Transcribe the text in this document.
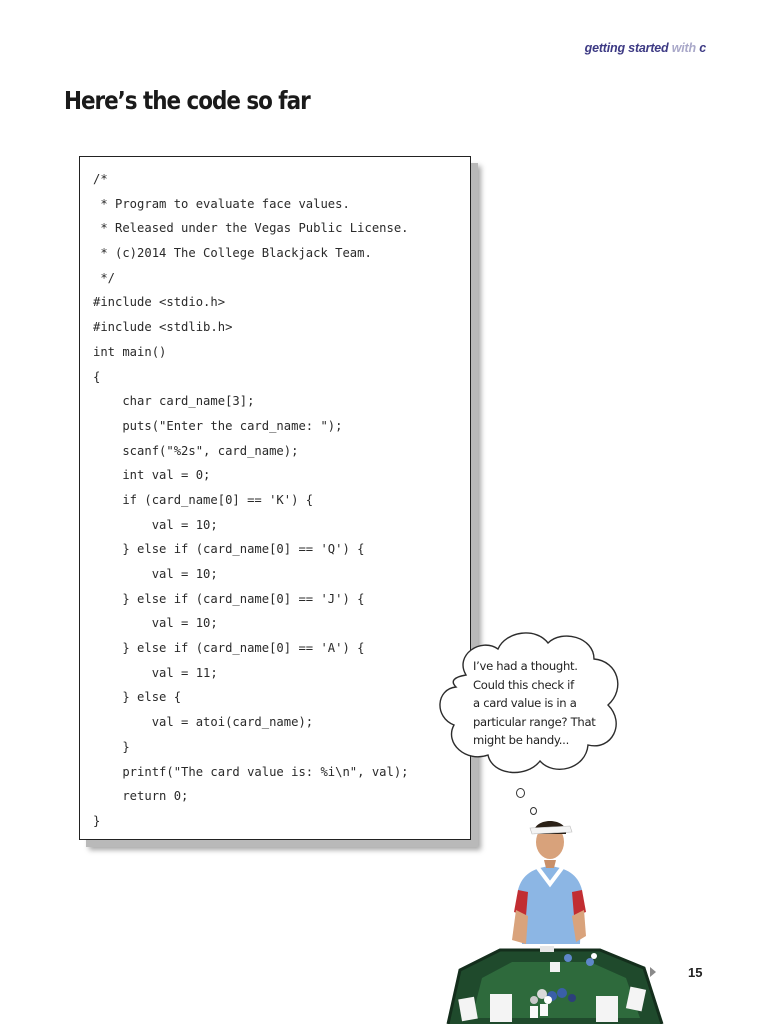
getting started with c
Here’s the code so far
/*
* Program to evaluate face values.
* Released under the Vegas Public License.
* (c)2014 The College Blackjack Team.
*/
#include <stdio.h>
#include <stdlib.h>
int main()
{
char card_name[3];
puts("Enter the card_name: ");
scanf("%2s", card_name);
int val = 0;
if (card_name[0] == 'K') {
val = 10;
} else if (card_name[0] == 'Q') {
val = 10;
} else if (card_name[0] == 'J') {
val = 10;
} else if (card_name[0] == 'A') {
val = 11;
} else {
val = atoi(card_name);
}
printf("The card value is: %i\n", val);
return 0;
}
I’ve had a thought.
Could this check if
a card value is in a
particular range? That
might be handy...
15
